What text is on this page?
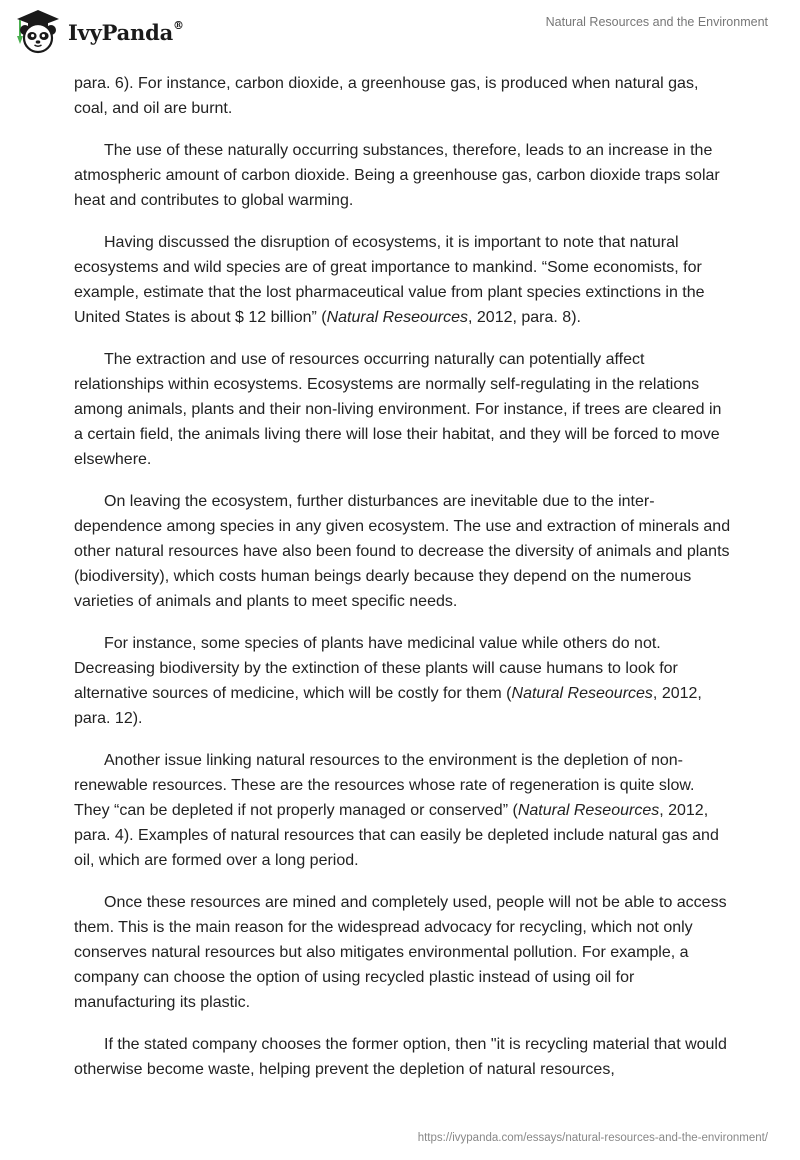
IvyPanda®	Natural Resources and the Environment

para. 6). For instance, carbon dioxide, a greenhouse gas, is produced when natural gas, coal, and oil are burnt.

The use of these naturally occurring substances, therefore, leads to an increase in the atmospheric amount of carbon dioxide. Being a greenhouse gas, carbon dioxide traps solar heat and contributes to global warming.

Having discussed the disruption of ecosystems, it is important to note that natural ecosystems and wild species are of great importance to mankind. “Some economists, for example, estimate that the lost pharmaceutical value from plant species extinctions in the United States is about $ 12 billion” (Natural Reseources, 2012, para. 8).

The extraction and use of resources occurring naturally can potentially affect relationships within ecosystems. Ecosystems are normally self-regulating in the relations among animals, plants and their non-living environment. For instance, if trees are cleared in a certain field, the animals living there will lose their habitat, and they will be forced to move elsewhere.

On leaving the ecosystem, further disturbances are inevitable due to the inter-dependence among species in any given ecosystem. The use and extraction of minerals and other natural resources have also been found to decrease the diversity of animals and plants (biodiversity), which costs human beings dearly because they depend on the numerous varieties of animals and plants to meet specific needs.

For instance, some species of plants have medicinal value while others do not. Decreasing biodiversity by the extinction of these plants will cause humans to look for alternative sources of medicine, which will be costly for them (Natural Reseources, 2012, para. 12).

Another issue linking natural resources to the environment is the depletion of non-renewable resources. These are the resources whose rate of regeneration is quite slow. They “can be depleted if not properly managed or conserved” (Natural Reseources, 2012, para. 4). Examples of natural resources that can easily be depleted include natural gas and oil, which are formed over a long period.

Once these resources are mined and completely used, people will not be able to access them. This is the main reason for the widespread advocacy for recycling, which not only conserves natural resources but also mitigates environmental pollution. For example, a company can choose the option of using recycled plastic instead of using oil for manufacturing its plastic.

If the stated company chooses the former option, then "it is recycling material that would otherwise become waste, helping prevent the depletion of natural resources,

https://ivypanda.com/essays/natural-resources-and-the-environment/
